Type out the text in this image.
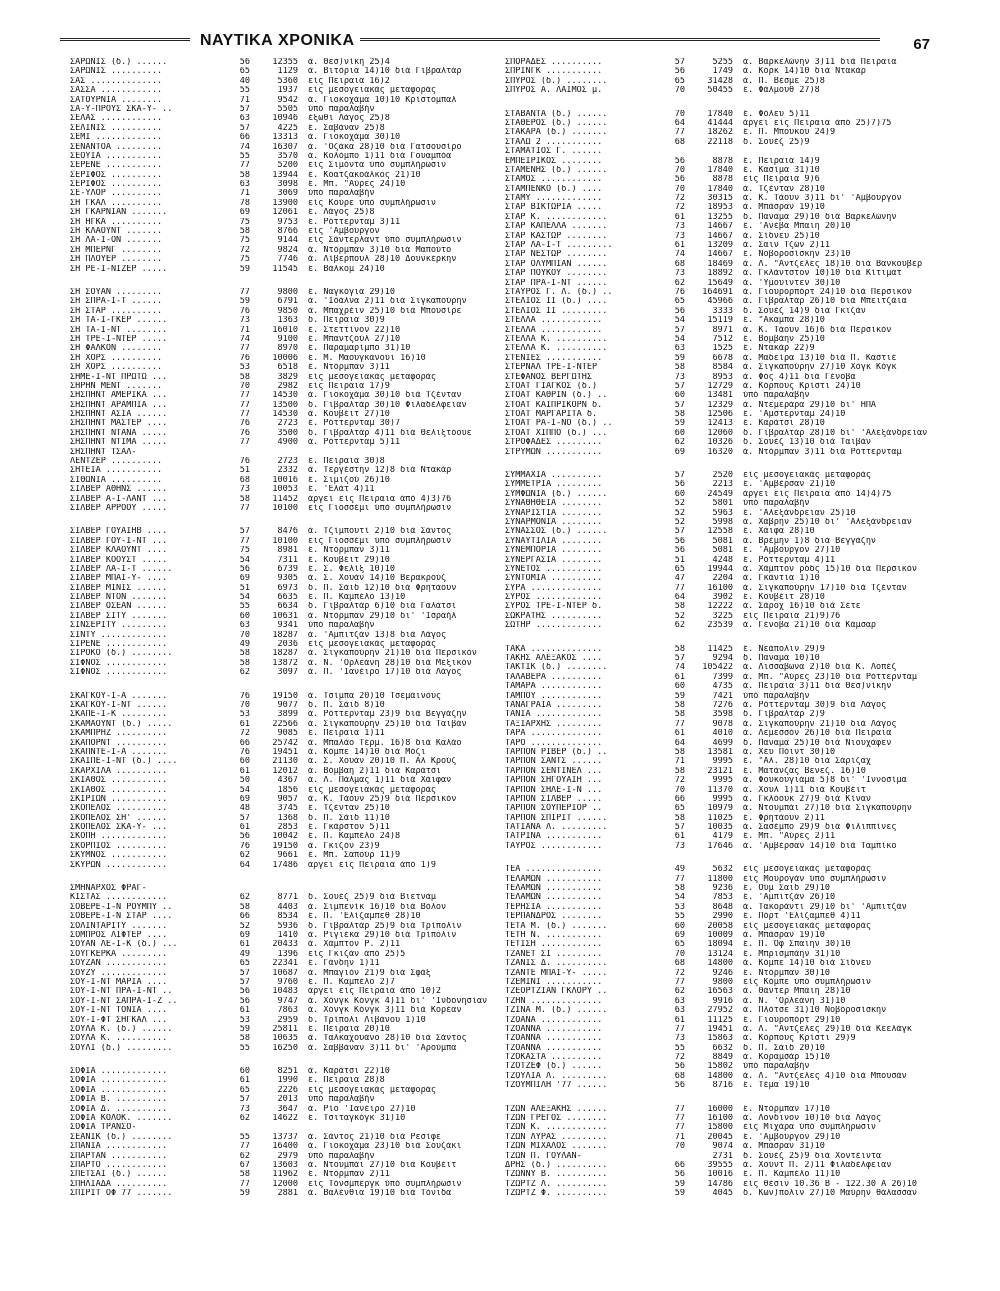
ΝΑΥΤΙΚΑ ΧΡΟΝΙΚΑ	67
ΣΑΡΩΝΙΣ (δ.) ......	56	12355	ά. Θεσ)νίκη 25)4
ΣΑΡΩΝΙΣ ..........	65	1129	ά. Βιτόρια 14)10 διά Γιβραλτάρ
ΣΑΣ ..............	40	5360	εἰς Πειραιᾶ 16)2
ΣΑΣΣΑ ............	55	1937	εἰς μεσογειακάς μεταφοράς
ΣΑΤΟΥΡΝΙΑ ........	71	9542	ά. Γιοκοχάμα 10)10 Κρίστομπαλ
ΣΑ-Υ-ΠΡΟΥΣ ΣΚΑ-Υ- ..	57	5505	ύπό παραλαβήν
ΣΕΛΑΣ ............	63	10946	έξωθι Λάγος 25)8
ΣΕΛΙΝΙΣ ..........	57	4225	ἔ. Σαβάναν 25)8
ΣΕΜΙ .............	66	13313	ά. Γιοκοχάμα 30)10
ΣΕΝΑΝΤΟΑ .........	74	16307	ά. 'Οζάκα 28)10 διά Γατσουσίρο
ΣΕΟΥΙΑ ...........	55	3570	ά. Κολόμπο 1)11 διά Γουαμπόα
ΣΕΡΕΝΕ ...........	77	5200	εἰς Σιμόντα ύπό συμπλήρωσιν
ΣΕΡΙΦΟΣ ..........	58	13944	ἔ. Κοατζακοάλκος 21)10
ΣΕΡΙΦΟΣ ..........	63	3098	ἔ. Μπ. "Αύρες 24)10
ΣΕ-ΥΛΟΡ ..........	71	3069	ύπό παραλαβήν
ΣΗ ΓΚΑΛ ..........	78	13900	εἰς Κούρε ύπό συμπλήρωσιν
ΣΗ ΓΚΑΡΝΙΑΝ .......	69	12061	ἔ. Λάγος 25)8
ΣΗ ΗΓΚΑ ..........	75	9753	ἔ. Ρόττερνταμ 3)11
ΣΗ ΚΛΑΟΥΝΤ .......	58	8766	εἰς 'Αμβοῦργον
ΣΗ ΛΑ-Ι-ΟΝ .......	75	9144	εἰς Σάντερλαντ ύπό συμπλήρωσιν
ΣΗ ΜΠΕΡΝΓ ........	72	9824	ά. Ντόρμπαν 3)10 διά Μαπούτο
ΣΗ ΠΛΟΥΕΡ ........	75	7746	ά. Λίβερπουλ 28)10 Δουνκέρκην
ΣΗ ΡΕ-Ι-ΝΙΖΕΡ .....	59	11545	ἔ. Βάλκομ 24)10
ΣΗ ΣΟΥΑΝ .........	77	9800	ἔ. Ναγκόγια 29)10
ΣΗ ΣΠΡΑ-Ι-Τ ......	59	6791	ά. 'Ιόάλνα 2)11 διά Σιγκαπούρην
ΣΗ ΣΤΑΡ ..........	76	9850	ά. Μπαχρέϊν 25)10 διά Μπουσίρε
ΣΗ ΤΑ-Ι-ΓΚΕΡ ......	73	1363	δ. Πειραιᾶ 30)9
ΣΗ ΤΑ-Ι-ΝΤ ........	71	16010	ἔ. Στεττίνον 22)10
ΣΗ ΤΡΕ-Ι-ΝΤΕΡ .....	74	9100	ἔ. Μπαντζούλ 27)10
ΣΗ ΦΑΛΚΟΝ ........	77	8970	ἔ. Παραμαρίμπο 31)10
ΣΗ ΧΟΡΣ ..........	76	10006	ἔ. Μ. Μαουγκανούϊ 16)10
ΣΗ ΧΟΡΣ ..........	53	6518	ἔ. Ντόρμπαν 3)11
ΣΗΜΕ-Ι-ΝΤ ΠΡΩΤΩ ...	58	3829	εἰς μεσογειακάς μεταφοράς
ΣΗΡΗΝ ΜΕΝΤ .......	70	2982	εἰς Πειραιᾶ 17)9
ΣΗΣΠΗΝΤ ΑΜΕΡΙΚΑ ...	77	14530	ά. Γιοκοχάμα 30)10 διά Τζένταν
ΣΗΣΠΗΝΤ ΑΡΑΜΠΙΑ ...	77	13500	δ. Γιβραλτάρ 30)10 Φιλαδέλφειαν
ΣΗΣΠΗΝΤ ΑΣΙΑ ......	77	14530	ά. Κουβέϊτ 27)10
ΣΗΣΠΗΝΤ ΜΑΣΤΕΡ ....	76	2723	ἔ. Ρόττερνταμ 30)7
ΣΗΣΠΗΝΤ ΝΤΑΝΑ .....	76	3500	δ. Γιβραλτάρ 4)11 διά Θελιξτόουε
ΣΗΣΠΗΝΤ ΝΤΙΜΑ .....	77	4900	ά. Ρόττερνταμ 5)11
ΣΗΣΠΗΝΤ ΤΣΑΛ-
ΛΕΝΤΖΕΡ ..........	76	2723	ἔ. Πειραιᾶ 30)8
ΣΗΤΕΙΑ ...........	51	2332	ά. Τεργέστην 12)8 διά Ντακάρ
ΣΙΘΩΝΙΑ ..........	68	10016	ἔ. Σιμιζού 26)10
ΣΙΛΒΕΡ ΑΘΗΝΣ ......	73	10053	ἔ. 'Ελάτ 4)11
ΣΙΛΒΕΡ Α-Ι-ΛΑΝΤ ...	58	11452	ἀργεῖ εἰς Πειραιᾶ ἀπό 4)3)76
ΣΙΛΒΕΡ ΑΡΡΟΟΥ .....	77	10100	εἰς Γιοσσέμι ύπό συμπλήρωσιν
ΣΙΛΒΕΡ ΓΟΥΑΙΗΒ ....	57	8476	ά. Τζίμπουτί 2)10 διά Σάντος
ΣΙΛΒΕΡ ΓΟΥ-Ι-ΝΤ ...	77	10100	εἰς Γιοσσέμι ύπό συμπλήρωσιν
ΣΙΛΒΕΡ ΚΛΑΟΥΝΤ ....	75	8981	ἔ. Ντόρμπαν 3)11
ΣΙΛΒΕΡ ΚΟΟΥΣΤ .....	54	7311	ἔ. Κουβέϊτ 29)10
ΣΙΛΒΕΡ ΛΑ-Ι-Τ ......	56	6739	ἔ. Σ. Φελίξ 10)10
ΣΙΛΒΕΡ ΜΠΑΙ-Υ- ....	69	9305	ά. Σ. Χουάν 14)10 Βερακρούζ
ΣΙΛΒΕΡ ΜΙΝΙΣ ......	51	6973	δ. Π. Σάϊδ 12)10 διά Φρητάουν
ΣΙΛΒΕΡ ΝΤΟΝ .......	54	6635	ἔ. Π. Καμπέλο 13)10
ΣΙΛΒΕΡ ΟΣΕΑΝ ......	55	6634	δ. Γιβραλτάρ 6)10 διά Γαλάτσι
ΣΙΛΒΕΡ ΣΙΤΥ .......	60	10631	ά. Ντόρμπαν 29)10 δι' 'Ισραήλ
ΣΙΝΣΕΡΙΤΥ .........	63	9341	ύπό παραλαβήν
ΣΙΝΤΥ .............	70	18287	ά. 'Αμπιτζάν 13)8 διά Λάγος
ΣΙΡΕΝΕ ............	49	2036	εἰς μεσογειακάς μεταφοράς
ΣΙΡΟΚΟ (δ.) ........	58	18287	ά. Σιγκαπούρην 21)10 διά Περσικόν
ΣΙΦΝΟΣ ............	58	13872	ά. Ν. 'Ορλεάνη 28)10 διά Μεξικόν
ΣΙΦΝΟΣ ............	62	3097	ά. Π. 'Ιανέϊρο 17)10 διά Λάγος
ΣΚΑΓΚΟΥ-Ι-Α .......	76	19150	ά. Τσίμπα 20)10 Τσεμάϊνους
ΣΚΑΓΚΟΥ-Ι-ΝΤ ......	70	9077	δ. Π. Σάϊδ 8)10
ΣΚΑΠΕ-Ι-Κ .........	53	3899	ά. Ρόττερνταμ 23)9 διά Βεγγάζην
ΣΚΑΜΑΟΥΝΤ (δ.) .....	61	22566	ά. Σιγκαπούρην 25)10 διά Ταϊβάν
ΣΚΑΜΠΡΗΖ ..........	72	9085	ἔ. Πειραιᾶ 1)11
ΣΚΑΠΟΡΝΤ ..........	66	25742	ά. Μπαλάο Τέρμ. 16)8 διά Καλάο
ΣΚΑΠΝΤΕ-Ι-Α .......	76	19451	ά. Κόμπε 14)10 διά Μόζι
ΣΚΑΙΠΕ-Ι-ΝΤ (δ.) ....	60	21130	ά. Σ. Χουάν 20)10 Π. Αλ Κρούζ
ΣΚΑΡΧΙΛΑ ..........	61	12012	ά. Βόμβαη 2)11 διά Καράτσι
ΣΚΙΑΘΟΣ ...........	50	4367	ά. Λ. Πάλμας 1)11 διά Χάϊφαν
ΣΚΙΑΘΟΣ ...........	54	1856	εἰς μεσογειακάς μεταφοράς
ΣΚΙΡΙΩΝ ...........	69	9057	ά. Κ. Τάουν 25)9 διά Περσικόν
ΣΚΟΠΕΛΟΣ ..........	48	3745	ἔ. Τζένταν 25)10
ΣΚΟΠΕΛΟΣ ΣΗ' ......	57	1368	δ. Π. Σάϊδ 11)10
ΣΚΟΠΕΛΟΣ ΣΚΑ-Υ- ...	61	2853	ἔ. Γκάρστον 5)11
ΣΚΟΠΗ .............	56	10042	ἔ. Π. Καμπέλο 24)8
ΣΚΟΡΠΙΟΣ ..........	76	19150	ά. Γκιζόν 23)9
ΣΚΥΜΝΟΣ ...........	62	9661	ἔ. Μπ. Σαπούρ 11)9
ΣΚΥΡΩΝ ............	64	17486	ἀργεῖ εἰς Πειραιᾶ ἀπό 1)9
ΣΜΗΝΑΡΧΟΣ ΦΡΑΓ-
ΚΙΣΤΑΣ ............	62	8771	δ. Σουέζ 25)9 διά Βιετνάμ
ΣΟΒΕΡΕ-Ι-Ν ΡΟΥΜΠΥ ..	58	4403	ά. Σιμπενίκ 16)10 διά Βόλον
ΣΟΒΕΡΕ-Ι-Ν ΣΤΑΡ ....	66	8534	ἔ. Π. 'Ελίζαμπεθ 28)10
ΣΟΛΙΝΤΑΡΙΤΥ .......	52	5936	δ. Γιβραλτάρ 25)9 διά Τρίπολιν
ΣΟΜΠΡΟΣ ΛΙΦΤΕΡ ....	69	1410	ά. Ριγιέκα 29)10 διά Τρίπολιν
ΣΟΥΑΝ ΛΕ-Ι-Κ (δ.) ...	61	20433	ά. Χάμπτον Ρ. 2)11
ΣΟΥΓΚΕΡΚΑ .........	49	1396	εἰς Γκιζάν ἀπό 25)5
ΣΟΥΖΑΝ ............	65	22341	ἔ. Γάνδην 1)11
ΣΟΥΖΥ .............	57	10687	ά. Μπαγιόν 21)9 διά Σφάξ
ΣΟΥ-Ι-ΝΤ ΜΑΡΙΑ ....	57	9760	ἔ. Π. Καμπέλο 2)7
ΣΟΥ-Ι-ΝΤ ΠΡΑ-Ι-ΝΤ ..	56	10483	ἀργεῖ εἰς Πειραιᾶ ἀπό 10)2
ΣΟΥ-Ι-ΝΤ ΣΑΠΡΑ-Ι-Ζ ..	56	9747	ά. Χόνγκ Κόνγκ 4)11 δι' 'Ινδονησίαν
ΣΟΥ-Ι-ΝΤ ΤΟΝΙΑ ....	61	7863	ά. Χόνγκ Κόνγκ 3)11 διά Κορέαν
ΣΟΥ-Ι-ΦΤ ΣΗΓΚΑΛ ...	53	2959	δ. Τρίπολι Λιβάνου 1)10
ΣΟΥΛΑ Κ. (δ.) ......	59	25811	ἔ. Πειραιᾶ 20)10
ΣΟΥΛΑ Κ. ..........	58	10635	ά. Ταλκαχουάνο 28)10 διά Σάντος
ΣΟΥΛΙ (δ.) .........	55	16250	ά. Σαββάναν 3)11 δι' 'Αρούμπα
ΣΟΦΙΑ .............	60	8251	ά. Καράτσι 22)10
ΣΟΦΙΑ .............	61	1990	ἔ. Πειραιᾶ 28)8
ΣΟΦΙΑ .............	65	2226	εἰς μεσογειακάς μεταφοράς
ΣΟΦΙΑ Β. ..........	57	2013	ύπό παραλαβήν
ΣΟΦΙΑ Δ. ..........	73	3647	ά. Ρίο 'Ιανέϊρο 27)10
ΣΟΦΙΑ ΚΟΛΟΚ. .......	62	14622	ἔ. Τσιταγκόγκ 31)10
ΣΟΦΙΑ ΤΡΑΝΣΟ-
ΣΕΑΝΙΚ (δ.) ........	55	13737	ά. Σάντος 21)10 διά Ρεσίφε
ΣΠΑΝΙΑ ............	77	16400	ά. Γιοκοχάμα 23)10 διά Σουζάκι
ΣΠΑΡΤΑΝ ...........	62	2979	ύπό παραλαβήν
ΣΠΑΡΤΟ ............	67	13603	ά. Ντουμπάϊ 27)10 διά Κουβέϊτ
ΣΠΕΤΣΑΙ (δ.) ......	58	11962	ἔ. Ντόρμπαν 2)11
ΣΠΗΛΙΑΔΑ ..........	77	12000	εἰς Τόνσμπεργκ ύπό συμπλήρωσιν
ΣΠΙΡΙΤ ΟΦ 77 .......	59	2881	ά. Βαλένθια 19)10 διά Τόνιδα
ΣΠΟΡΑΔΕΣ ..........	57	5255	ά. Βαρκελώνην 3)11 διά Πειραιᾶ
ΣΠΡΙΝΓΚ ...........	56	1749	ά. Κόρκ 14)10 διά Ντακάρ
ΣΠΥΡΟΣ (δ.) ........	65	31428	ά. Π. Βέσμε 25)8
ΣΠΥΡΟΣ Α. ΛΑΙΜΟΣ μ.	70	50455	ἔ. Φάλμουθ 27)8
ΣΤΑΒΑΝΤΑ (δ.) ......	70	17840	ἔ. Φόλεϋ 5)11
ΣΤΑΘΕΡΟΣ (δ.) ......	64	41444	ἀργεῖ εἰς Πειραιᾶ ἀπό 25)7)75
ΣΤΑΚΑΡΑ (δ.) .......	77	18262	ἔ. Π. Μποῦκου 24)9
ΣΤΑΛΩ 2 ...........	68	22118	δ. Σουέζ 25)9
ΣΤΑΜΑΤΙΟΣ Γ. ......
ΕΜΠΕΙΡΙΚΟΣ ........	56	8878	ἔ. Πειραιᾶ 14)9
ΣΤΑΜΕΝΗΣ (δ.) ......	70	17840	ἔ. Κασίμα 31)10
ΣΤΑΜΟΣ ............	56	8878	εἰς Πειραιᾶ 9)6
ΣΤΑΜΠΕΝΚΟ (δ.) ....	70	17840	ά. Τζένταν 28)10
ΣΤΑΜΥ .............	72	30315	ά. Κ. Τάουν 3)11 δι' 'Αμβοῦργον
ΣΤΑΡ ΒΙΚΤΩΡΙΑ .....	72	18953	ά. Μπάσραν 19)10
ΣΤΑΡ Κ. ............	61	13255	δ. Παναμᾶ 29)10 διά Βαρκελώνην
ΣΤΑΡ ΚΑΠΕΛΛΑ .......	73	14667	ἔ. 'Ανέβα Μπαϊη 20)10
ΣΤΑΡ ΚΑΣΤΩΡ ........	73	14667	ά. Σίδνεϋ 25)10
ΣΤΑΡ ΛΑ-Ι-Τ .........	61	13209	ά. Σαϊν Τζών 2)11
ΣΤΑΡ ΝΕΣΤΩΡ ........	74	14667	ἔ. Νοβοροσίσκην 23)10
ΣΤΑΡ ΟΛΥΜΠΙΑΝ ......	68	18469	ά. Λ. "Αντζελες 18)10 διά Βανκοῦβερ
ΣΤΑΡ ΠΟΥΚΟΥ ........	73	18892	ά. Γκλάντστον 10)10 διά Κίτιματ
ΣΤΑΡ ΠΡΑ-Ι-ΝΤ ......	62	15649	ά. 'Υμουΐντεν 30)10
ΣΤΑΥΡΟΣ Γ. Λ. (δ.) ..	76	164691	ά. Γιουρορπόρτ 24)10 διά Περσικόν
ΣΤΕΛΙΟΣ ΙΙ (δ.) ....	65	45966	ά. Γιβραλτάρ 26)10 διά Μπεϊτζάϊα
ΣΤΕΛΙΟΣ ΙΙ .........	56	3333	δ. Σουέζ 14)9 διά Γκιζάν
ΣΤΕΛΛΑ ............	54	15119	ἔ. "Ακαμπα 28)10
ΣΤΕΛΛΑ ............	57	8971	ά. Κ. Τάουν 16)6 διά Περσικόν
ΣΤΕΛΛΑ Κ. ..........	54	7512	ἔ. Βομβάην 25)10
ΣΤΕΛΛΑ Κ. ..........	63	1525	ἔ. Ντακάρ 22)9
ΣΤΕΝΙΕΣ ...........	59	6678	ά. Μαδείρα 13)10 διά Π. Καστιέ
ΣΤΕΡΝΑΛ ΤΡΕ-Ι-ΝΤΕΡ	58	8584	ά. Σιγκαπούρην 27)10 Χόγκ Κόγκ
ΣΤΕΦΑΝΟΣ ΒΕΡΓΩΤΗΣ	73	8953	ά. Φός 4)11 διά Γένοβα
ΣΤΟΑΤ ΓΙΑΓΚΟΣ (δ.)	57	12729	ά. Κόρπους Κρίστι 24)10
ΣΤΟΑΤ ΚΑΘΡΙΝ (δ.) ..	60	13481	ύπό παραλαβήν
ΣΤΟΑΤ ΚΑΙΠΡΙΚΟΡΝ δ.	57	12329	ά. Ντεμεράρα 29)10 δι' ΗΠΑ
ΣΤΟΑΤ ΜΑΡΓΑΡΙΤΑ δ.	58	12506	ἔ. 'Αμστερνταμ 24)10
ΣΤΟΑΤ ΡΑ-Ι-ΝΟ (δ.) ..	59	12413	ἔ. Καράτσι 28)10
ΣΤΟΑΤ ΧΙΠΠΟ (δ.) ...	60	12060	δ. Γιβραλτάρ 28)10 δι' 'Αλεξάνδρειαν
ΣΤΡΟΦΑΔΕΣ .........	62	10326	δ. Σουέζ 13)10 διά Ταϊβάν
ΣΤΡΥΜΩΝ ...........	69	16320	ά. Ντόρμπαν 3)11 διά Ρόττερνταμ
ΣΥΜΜΑΧΙΑ ..........	57	2520	εἰς μεσογειακάς μεταφοράς
ΣΥΜΜΕΤΡΙΑ .........	56	2213	ἔ. 'Αμβέρσαν 21)10
ΣΥΜΦΩΝΙΑ (δ.) ......	60	24549	ἀργεῖ εἰς Πειραιᾶ ἀπό 14)4)75
ΣΥΝΑΘΗΘΕΙΑ ........	52	5801	ύπό παραλαβήν
ΣΥΝΑΡΙΣΤΙΑ ........	52	5963	ἔ. 'Αλεξάνδρειαν 25)10
ΣΥΝΑΡΜΟΝΙΑ ........	52	5998	ά. Χάβρην 25)10 δι' 'Αλεξάνδρειαν
ΣΥΝΑΣΣΟΣ (δ.) ......	57	12558	ἔ. Χάϊφα 28)10
ΣΥΝΑΥΤΙΛΙΑ ........	56	5081	ά. Βρέμην 1)8 διά Βεγγάζην
ΣΥΝΕΜΠΟΡΙΑ ........	56	5081	ἔ. 'Αμβοῦργον 27)10
ΣΥΝΕΡΓΑΣΙΑ ........	51	4248	ἔ. Ρόττερνταμ 4)11
ΣΥΝΕΤΟΣ ...........	65	19944	ά. Χάμπτον ρόδς 15)10 διά Περσικόν
ΣΥΝΤΟΜΙΑ ..........	47	2204	ά. Γκάντια 1)10
ΣΥΡΑ ..............	77	16100	ά. Σιγκαπούρην 17)10 διά Τζένταν
ΣΥΡΟΣ .............	64	3902	ἔ. Κουβέϊτ 28)10
ΣΥΡΟΣ ΤΡΕ-Ι-ΝΤΕΡ δ.	58	12222	ά. Σάροχ 16)10 διά Σέτε
ΣΩΚΡΑΤΗΣ ..........	52	3225	εἰς Πειραιᾶ 21)9)76
ΣΩΤΗΡ .............	62	23539	ά. Γένοβα 21)10 διά Κάμσαρ
ΤΑΚΑ ..............	58	11425	ἔ. Νεάπολιν 29)9
ΤΑΚΗΣ ΑΛΕΞΑΚΟΣ ....	57	9294	δ. Παναμᾶ 10)10
ΤΑΚΤΙΚ (δ.) ........	74	105422	ά. Λισσαβῶνα 2)10 διά Κ. Λοπέζ
ΤΑΛΑΒΕΡΑ ..........	61	7399	ά. Μπ. "Αύρες 23)10 διά Ρόττερνταμ
ΤΑΜΑΡΑ ............	60	4735	ά. Πειραιᾶ 3)11 διά Θεσ)νίκην
ΤΑΜΠΟΥ ............	59	7421	ύπό παραλαβήν
ΤΑΝΑΓΡΑΙΑ .........	58	7276	ά. Ρόττερνταμ 30)9 διά Λάγος
ΤΑΝΙΑ .............	58	3598	δ. Γιβραλτάρ 2)9
ΤΑΞΙΑΡΧΗΣ .........	77	9078	ά. Σιγκαπούρην 21)10 διά Λάγος
ΤΑΡΑ ..............	61	4010	ά. Λεμεσσόν 26)10 διά Πειραιᾶ
ΤΑΡΟ ..............	64	4699	δ. Παναμᾶ 25)10 διά Νιουχάφεν
ΤΑΡΠΟΝ ΡΙΒΕΡ (δ.) ..	58	13581	ά. Χέϋ Πόϊντ 30)10
ΤΑΡΠΟΝ ΣΑΝΤΣ ......	71	9995	ἔ. "Αλ. 28)10 διά Σάριζαχ
ΤΑΡΠΟΝ ΣΕΝΤΙΝΕΛ ...	58	23121	ἔ. Ματάνζας Βενεζ. 16)10
ΤΑΡΠΟΝ ΣΗΓΟΥΑΙΗ ...	72	9995	ά. Φουκουγιάμα 5)8 δι' 'Ιννοσίμα
ΤΑΡΠΟΝ ΣΗΛΕ-Ι-Ν ...	70	11370	ά. Χοϋλ 1)11 διά Κουβέϊτ
ΤΑΡΠΟΝ ΣΙΛΒΕΡ .....	66	9995	ά. Γκλόουκ 27)9 διά Κίναν
ΤΑΡΠΟΝ ΣΟΥΠΕΡΙΟΡ ..	65	10979	ά. Ντουμπάϊ 27)10 διά Σιγκαπούρην
ΤΑΡΠΟΝ ΣΠΙΡΙΤ ......	58	11025	ἔ. Φρητάουν 2)11
ΤΑΤΙΑΝΑ Λ. .........	57	10035	ά. Σασέμπο 29)9 διά Φιλιππίνες
ΤΑΤΡΙΝΑ ...........	61	4179	ἔ. Μπ. "Αύρες 2)11
ΤΑΥΡΟΣ ............	73	17646	ά. 'Αμβέρσαν 14)10 διά Ταμπίκο
ΤΕΑ ...............	49	5632	εἰς μεσογειακάς μεταφοράς
ΤΕΛΑΜΩΝ ...........	77	11800	εἰς Μουρογάν ύπό συμπλήρωσιν
ΤΕΛΑΜΩΝ ...........	58	9236	ἔ. Οὔμ Σαΐδ 29)10
ΤΕΛΑΜΩΝ ...........	54	7853	ἔ. 'Αμπιτζάν 26)10
ΤΕΡΗΣΙΑ ...........	53	8648	ά. Τακοράντι 29)10 δι' 'Αμπιτζάν
ΤΕΡΠΑΝΔΡΟΣ ........	55	2990	ἔ. Πόρτ 'Ελίζαμπεθ 4)11
ΤΕΤΑ Μ. (δ.) .......	60	20058	εἰς μεσογειακάς μεταφοράς
ΤΕΤΗ Ν. ...........	69	10009	ά. Μπάσραν 19)10
ΤΕΤΙΣΗ ............	65	18094	ἔ. Π. Όφ Σπαϊην 30)10
ΤΖΑΝΕΤ ΣΙ .........	70	13124	ἔ. Μπρισμπάην 31)10
ΤΖΑΝΙΣ Δ. ..........	68	14800	ά. Κόμπε 14)10 διά Σίδνεϋ
ΤΖΑΝΤΕ ΜΠΑΙ-Υ- .....	72	9246	ἔ. Ντόρμπαν 30)10
ΤΖΕΜΙΝΙ ...........	77	9800	εἰς Κόμπε ύπό συμπλήρωσιν
ΤΖΕΟΡΤΖΙΑΝ ΓΚΛΟΡΥ ..	62	16563	ά. Θάντερ Μπαϊη 28)10
ΤΖΗΝ ..............	63	9916	ά. Ν. 'Ορλεάνη 31)10
ΤΖΙΝΑ Μ. (δ.) ......	63	27952	ά. Πλότσε 31)10 Νοβοροσίσκην
ΤΖΟΑΝΑ ............	61	11125	ἔ. Γιουροπόρτ 29)10
ΤΖΟΑΝΝΑ ...........	77	19451	ά. Λ. "Αντζελες 29)10 διά Κεελάγκ
ΤΖΟΑΝΝΑ ...........	73	15863	ά. Κόρπους Κρίστι 29)9
ΤΖΟΑΝΝΑ ...........	55	6632	δ. Π. Σάϊδ 20)10
ΤΖΟΚΑΣΤΑ ..........	72	8849	ά. Κοραμσάρ 15)10
ΤΖΟΤΖΕΦ (δ.) ......	56	15802	ύπό παραλαβήν
ΤΖΟΥΛΙΑ Λ. .........	68	14800	ά. Λ. "Αντζελες 4)10 διά Μπουσάν
ΤΖΟΥΜΠΙΛΗ '77 ......	56	8716	ἔ. Τέμα 19)10
ΤΖΩΝ ΑΛΕΞΑΚΗΣ ......	77	16000	ἔ. Ντόρμπαν 17)10
ΤΖΩΝ ΓΡΕΓΟΣ ........	77	16100	ά. Λονδῖνον 10)10 διά Λάγος
ΤΖΩΝ Κ. ............	77	15800	εἰς Μιχάρα ύπό συμπλήρωσιν
ΤΖΩΝ ΛΥΡΑΣ .........	71	20045	ἔ. 'Αμβοῦργον 29)10
ΤΖΩΝ ΜΙΧΑΛΟΣ .......	70	9074	ά. Μπάσραν 31)10
ΤΖΩΝ Π. ΓΟΥΛΑΝ-	2731	δ. Σουέζ 25)9 διά Χοντέϊντα
ΔΡΗΣ (δ.) ..........	66	39555	ά. Χοῦντ Π. 2)11 Φιλαδέλφειαν
ΤΖΩΝΝΥ Β. ..........	56	10016	ἔ. Π. Καμπέλο 11)10
ΤΖΩΡΤΖ Λ. ..........	59	14786	εἰς θέσιν 10.36 Β - 122.30 Α 26)10
ΤΖΩΡΤΖ Φ. ..........	59	4045	δ. Κων)πολιν 27)10 Μαύρην θάλασσαν
